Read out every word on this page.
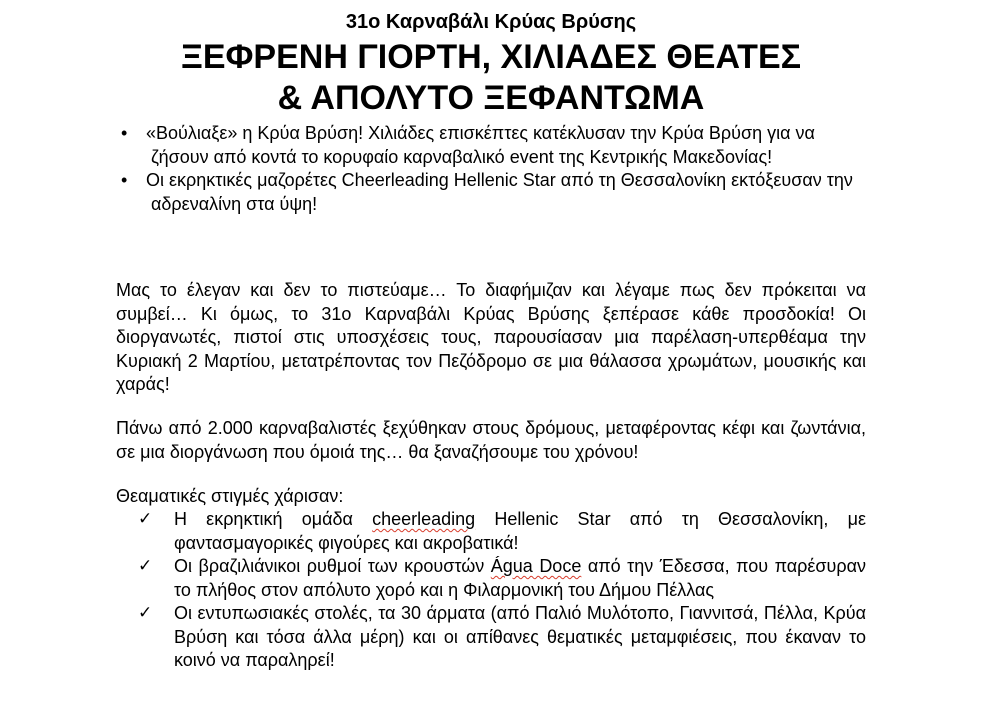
31ο Καρναβάλι Κρύας Βρύσης
ΞΕΦΡΕΝΗ ΓΙΟΡΤΗ, ΧΙΛΙΑΔΕΣ ΘΕΑΤΕΣ
& ΑΠΟΛΥΤΟ ΞΕΦΑΝΤΩΜΑ
• «Βούλιαξε» η Κρύα Βρύση! Χιλιάδες επισκέπτες κατέκλυσαν την Κρύα Βρύση για να ζήσουν από κοντά το κορυφαίο καρναβαλικό event της Κεντρικής Μακεδονίας!
• Οι εκρηκτικές μαζορέτες Cheerleading Hellenic Star από τη Θεσσαλονίκη εκτόξευσαν την αδρεναλίνη στα ύψη!

Μας το έλεγαν και δεν το πιστεύαμε… Το διαφήμιζαν και λέγαμε πως δεν πρόκειται να συμβεί… Κι όμως, το 31ο Καρναβάλι Κρύας Βρύσης ξεπέρασε κάθε προσδοκία! Οι διοργανωτές, πιστοί στις υποσχέσεις τους, παρουσίασαν μια παρέλαση-υπερθέαμα την Κυριακή 2 Μαρτίου, μετατρέποντας τον Πεζόδρομο σε μια θάλασσα χρωμάτων, μουσικής και χαράς!

Πάνω από 2.000 καρναβαλιστές ξεχύθηκαν στους δρόμους, μεταφέροντας κέφι και ζωντάνια, σε μια διοργάνωση που όμοιά της… θα ξαναζήσουμε του χρόνου!

Θεαματικές στιγμές χάρισαν:

✓ Η εκρηκτική ομάδα cheerleading Hellenic Star από τη Θεσσαλονίκη, με φαντασμαγορικές φιγούρες και ακροβατικά!
✓ Οι βραζιλιάνικοι ρυθμοί των κρουστών Água Doce από την Έδεσσα, που παρέσυραν το πλήθος στον απόλυτο χορό και η Φιλαρμονική του Δήμου Πέλλας
✓ Οι εντυπωσιακές στολές, τα 30 άρματα (από Παλιό Μυλότοπο, Γιαννιτσά, Πέλλα, Κρύα Βρύση και τόσα άλλα μέρη) και οι απίθανες θεματικές μεταμφιέσεις, που έκαναν το κοινό να παραληρεί!
